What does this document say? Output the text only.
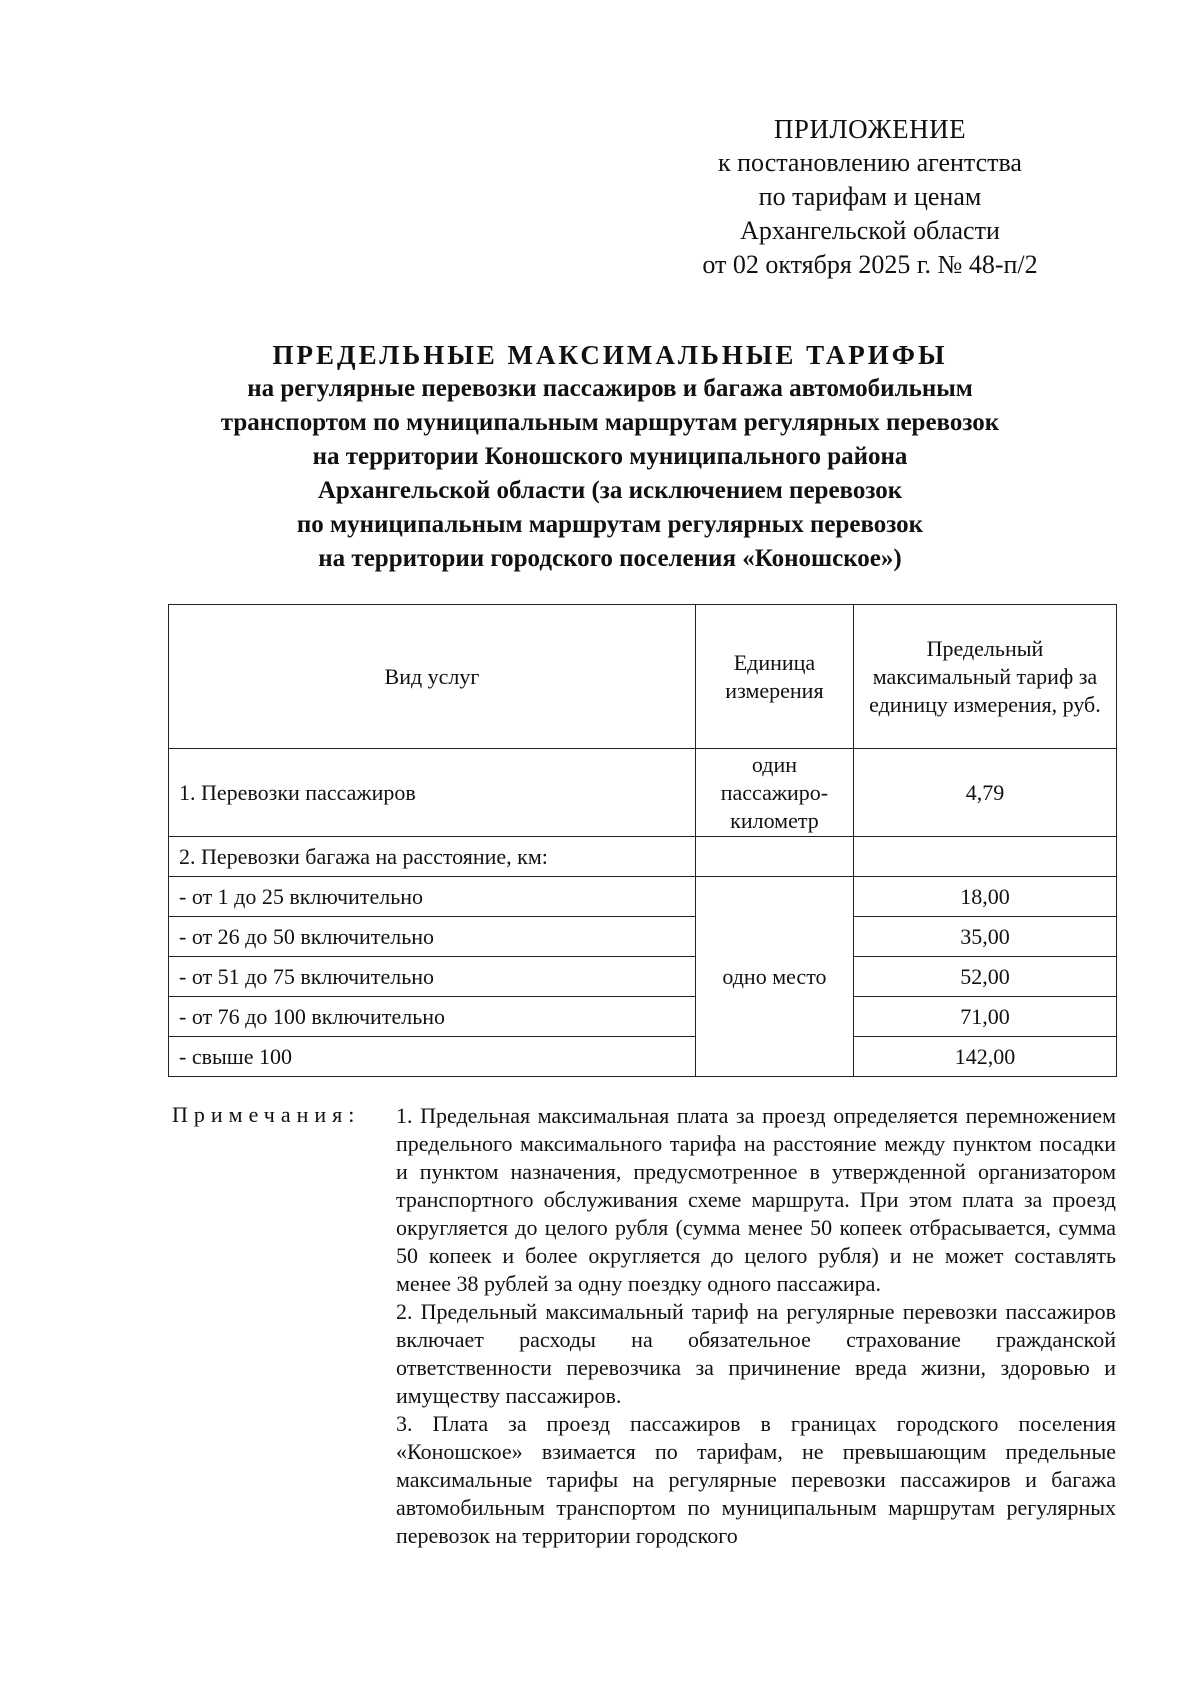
ПРИЛОЖЕНИЕ
к постановлению агентства
по тарифам и ценам
Архангельской области
от 02 октября 2025 г. № 48-п/2
ПРЕДЕЛЬНЫЕ МАКСИМАЛЬНЫЕ ТАРИФЫ
на регулярные перевозки пассажиров и багажа автомобильным
транспортом по муниципальным маршрутам регулярных перевозок
на территории Коношского муниципального района
Архангельской области (за исключением перевозок
по муниципальным маршрутам регулярных перевозок
на территории городского поселения «Коношское»)
Вид услуг	Единица измерения	Предельный максимальный тариф за единицу измерения, руб.
1. Перевозки пассажиров	один пассажиро-километр	4,79
2. Перевозки багажа на расстояние, км:		
- от 1 до 25 включительно	одно место	18,00
- от 26 до 50 включительно		35,00
- от 51 до 75 включительно		52,00
- от 76 до 100 включительно		71,00
- свыше 100		142,00
Примечания: 1. Предельная максимальная плата за проезд определяется перемножением предельного максимального тарифа на расстояние между пунктом посадки и пунктом назначения, предусмотренное в утвержденной организатором транспортного обслуживания схеме маршрута. При этом плата за проезд округляется до целого рубля (сумма менее 50 копеек отбрасывается, сумма 50 копеек и более округляется до целого рубля) и не может составлять менее 38 рублей за одну поездку одного пассажира.

2. Предельный максимальный тариф на регулярные перевозки пассажиров включает расходы на обязательное страхование гражданской ответственности перевозчика за причинение вреда жизни, здоровью и имуществу пассажиров.

3. Плата за проезд пассажиров в границах городского поселения «Коношское» взимается по тарифам, не превышающим предельные максимальные тарифы на регулярные перевозки пассажиров и багажа автомобильным транспортом по муниципальным маршрутам регулярных перевозок на территории городского
